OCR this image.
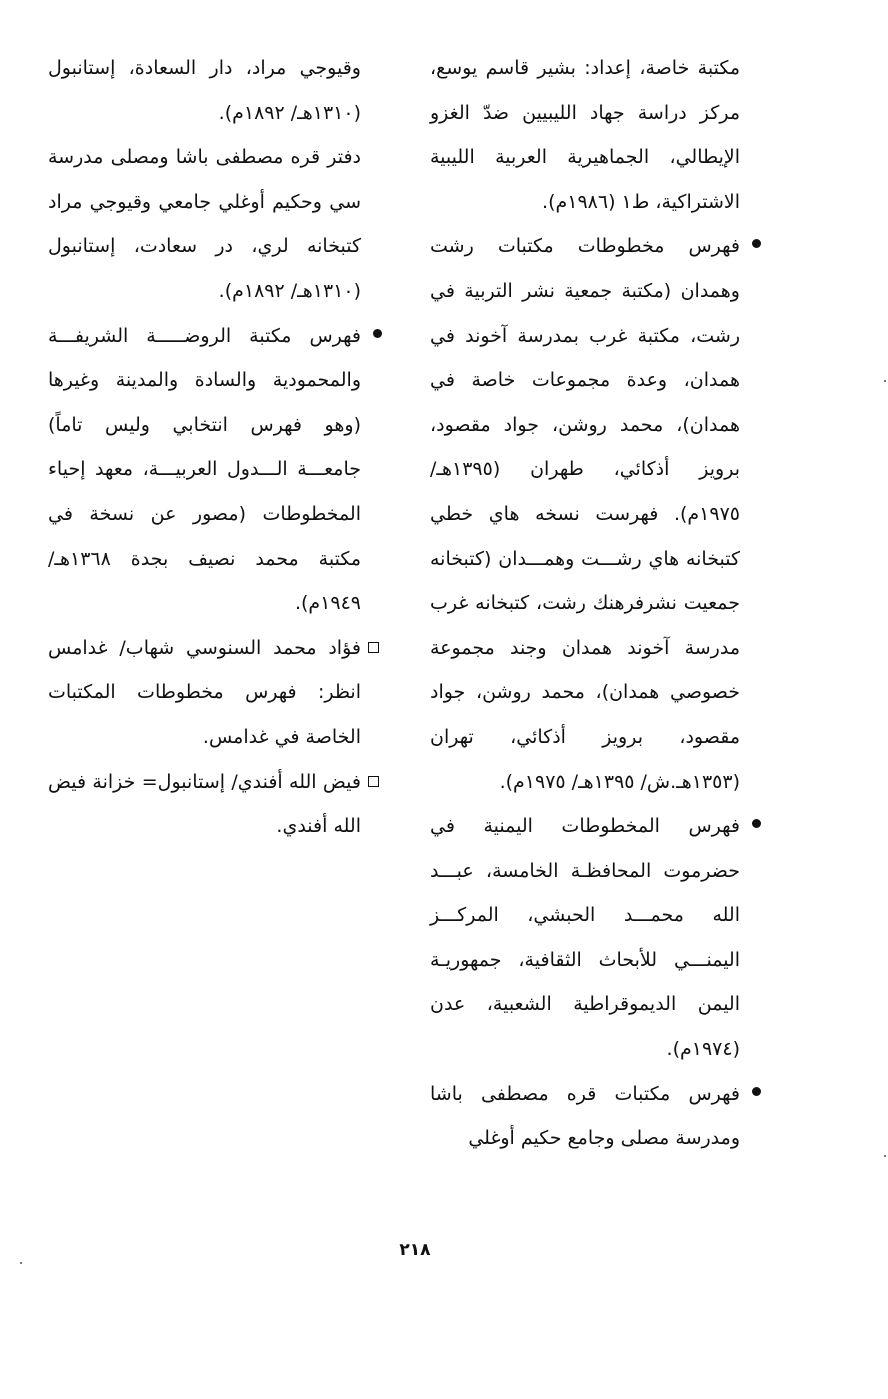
مكتبة خاصة، إعداد: بشير قاسم يوسع، مركز دراسة جهاد الليبيين ضدّ الغزو الإيطالي، الجماهيرية العربية الليبية الاشتراكية، ط١ (١٩٨٦م).

فهرس مخطوطات مكتبات رشت وهمدان (مكتبة جمعية نشر التربية في رشت، مكتبة غرب بمدرسة آخوند في همدان، وعدة مجموعات خاصة في همدان)، محمد روشن، جواد مقصود، برويز أذكائي، طهران (١٣٩٥هـ/ ١٩٧٥م). فهرست نسخه هاي خطي كتبخانه هاي رشـــت وهمـــدان (كتبخانه جمعيت نشرفرهنك رشت، كتبخانه غرب مدرسة آخوند همدان وجند مجموعة خصوصي همدان)، محمد روشن، جواد مقصود، برويز أذكائي، تهران (١٣٥٣هـ.ش/ ١٣٩٥هـ/ ١٩٧٥م).
فهرس المخطوطات اليمنية في حضرموت المحافظـة الخامسة، عبـــد الله محمـــد الحبشي، المركـــز اليمنـــي للأبحاث الثقافية، جمهوريـة اليمن الديموقراطية الشعبية، عدن (١٩٧٤م).
فهرس مكتبات قره مصطفى باشا ومدرسة مصلى وجامع حكيم أوغلي

وقيوجي مراد، دار السعادة، إستانبول (١٣١٠هـ/ ١٨٩٢م).

دفتر قره مصطفى باشا ومصلى مدرسة سي وحكيم أوغلي جامعي وقيوجي مراد كتبخانه لري، در سعادت، إستانبول (١٣١٠هـ/ ١٨٩٢م).

فهرس مكتبة الروضـــــة الشريفـــة والمحمودية والسادة والمدينة وغيرها (وهو فهرس انتخابي وليس تاماً) جامعـــة الـــدول العربيـــة، معهد إحياء المخطوطات (مصور عن نسخة في مكتبة محمد نصيف بجدة ١٣٦٨هـ/ ١٩٤٩م).
فؤاد محمد السنوسي شهاب/ غدامس انظر: فهرس مخطوطات المكتبات الخاصة في غدامس.
فيض الله أفندي/ إستانبول= خزانة فيض الله أفندي.
٢١٨
